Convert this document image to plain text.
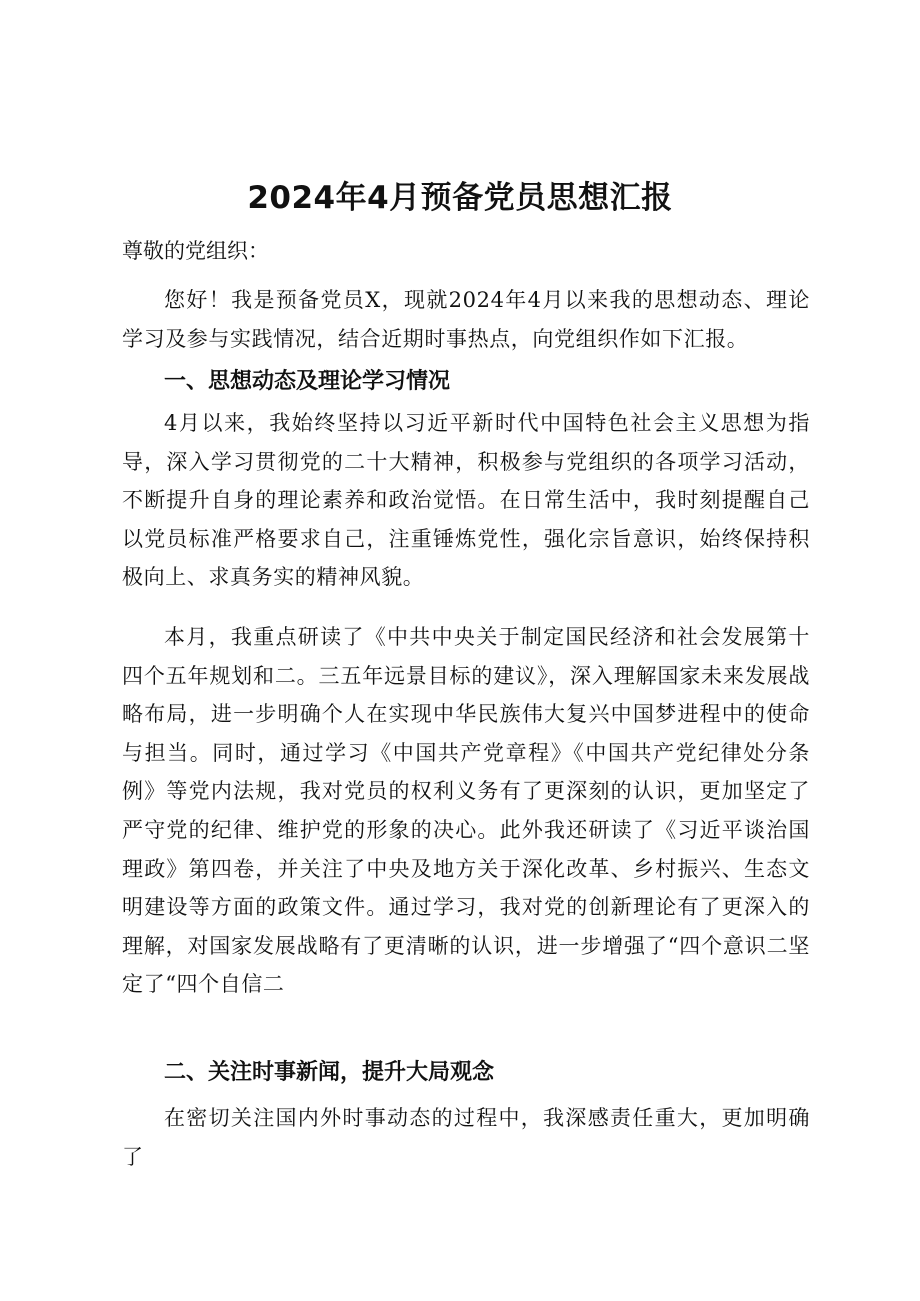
2024年4月预备党员思想汇报

尊敬的党组织：

您好！我是预备党员X，现就2024年4月以来我的思想动态、理论学习及参与实践情况，结合近期时事热点，向党组织作如下汇报。

一、思想动态及理论学习情况

4月以来，我始终坚持以习近平新时代中国特色社会主义思想为指导，深入学习贯彻党的二十大精神，积极参与党组织的各项学习活动，不断提升自身的理论素养和政治觉悟。在日常生活中，我时刻提醒自己以党员标准严格要求自己，注重锤炼党性，强化宗旨意识，始终保持积极向上、求真务实的精神风貌。

本月，我重点研读了《中共中央关于制定国民经济和社会发展第十四个五年规划和二。三五年远景目标的建议》，深入理解国家未来发展战略布局，进一步明确个人在实现中华民族伟大复兴中国梦进程中的使命与担当。同时，通过学习《中国共产党章程》《中国共产党纪律处分条例》等党内法规，我对党员的权利义务有了更深刻的认识，更加坚定了严守党的纪律、维护党的形象的决心。此外我还研读了《习近平谈治国理政》第四卷，并关注了中央及地方关于深化改革、乡村振兴、生态文明建设等方面的政策文件。通过学习，我对党的创新理论有了更深入的理解，对国家发展战略有了更清晰的认识，进一步增强了“四个意识二坚定了“四个自信二

二、关注时事新闻，提升大局观念

在密切关注国内外时事动态的过程中，我深感责任重大，更加明确了
